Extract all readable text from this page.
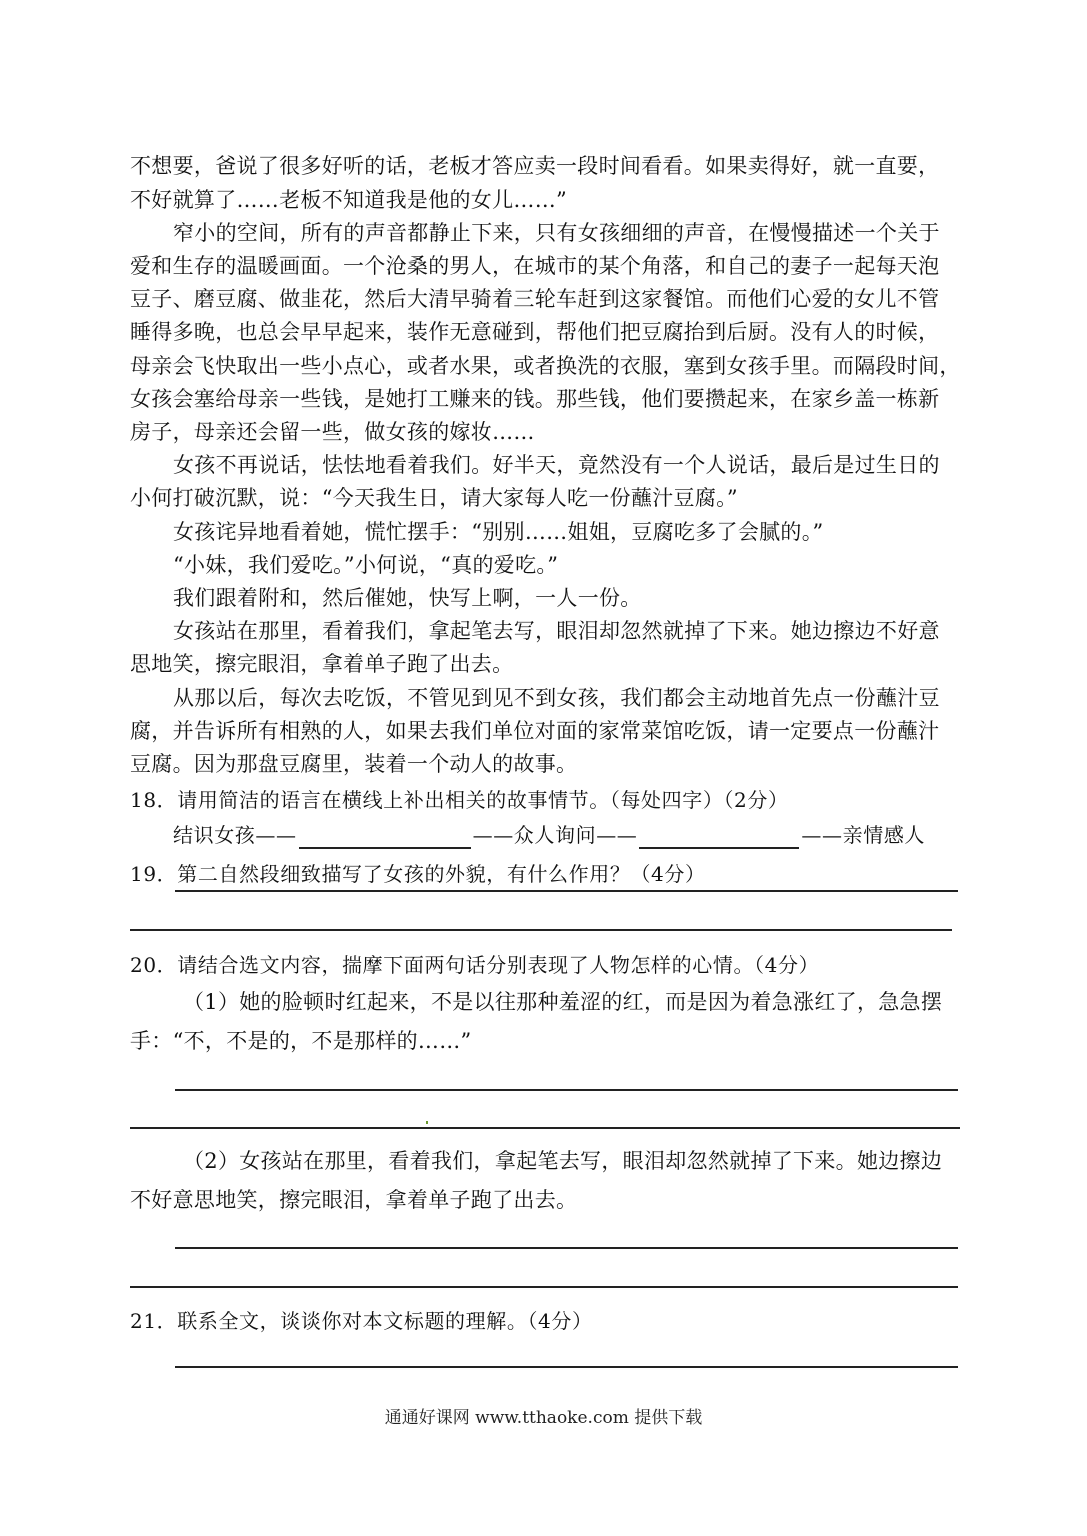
不想要，爸说了很多好听的话，老板才答应卖一段时间看看。如果卖得好，就一直要，
不好就算了……老板不知道我是他的女儿……”
窄小的空间，所有的声音都静止下来，只有女孩细细的声音，在慢慢描述一个关于
爱和生存的温暖画面。一个沧桑的男人，在城市的某个角落，和自己的妻子一起每天泡
豆子、磨豆腐、做韭花，然后大清早骑着三轮车赶到这家餐馆。而他们心爱的女儿不管
睡得多晚，也总会早早起来，装作无意碰到，帮他们把豆腐抬到后厨。没有人的时候，
母亲会飞快取出一些小点心，或者水果，或者换洗的衣服，塞到女孩手里。而隔段时间，
女孩会塞给母亲一些钱，是她打工赚来的钱。那些钱，他们要攒起来，在家乡盖一栋新
房子，母亲还会留一些，做女孩的嫁妆……
女孩不再说话，怯怯地看着我们。好半天，竟然没有一个人说话，最后是过生日的
小何打破沉默，说：“今天我生日，请大家每人吃一份蘸汁豆腐。”
女孩诧异地看着她，慌忙摆手：“别别……姐姐，豆腐吃多了会腻的。”
“小妹，我们爱吃。”小何说，“真的爱吃。”
我们跟着附和，然后催她，快写上啊，一人一份。
女孩站在那里，看着我们，拿起笔去写，眼泪却忽然就掉了下来。她边擦边不好意
思地笑，擦完眼泪，拿着单子跑了出去。
从那以后，每次去吃饭，不管见到见不到女孩，我们都会主动地首先点一份蘸汁豆
腐，并告诉所有相熟的人，如果去我们单位对面的家常菜馆吃饭，请一定要点一份蘸汁
豆腐。因为那盘豆腐里，装着一个动人的故事。
18．请用简洁的语言在横线上补出相关的故事情节。（每处四字）（2分）
结识女孩——	——众人询问——	——亲情感人
19．第二自然段细致描写了女孩的外貌，有什么作用？（4分）
20．请结合选文内容，揣摩下面两句话分别表现了人物怎样的心情。（4分）
（1）她的脸顿时红起来，不是以往那种羞涩的红，而是因为着急涨红了，急急摆
手：“不，不是的，不是那样的……”
（2）女孩站在那里，看着我们，拿起笔去写，眼泪却忽然就掉了下来。她边擦边
不好意思地笑，擦完眼泪，拿着单子跑了出去。
21．联系全文，谈谈你对本文标题的理解。（4分）
通通好课网 www.tthaoke.com 提供下载
